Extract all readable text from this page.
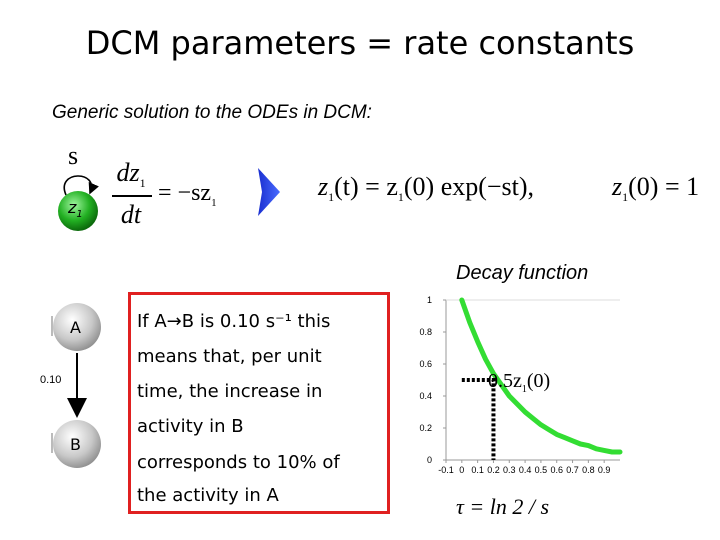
DCM parameters = rate constants
Generic solution to the ODEs in DCM:
s
$z_1$
$dz_1$
dt
= $-sz_1$
$z_1(t) = z_1(0)$ exp(−st),	$z_1(0) = 1$
A
B
0.10
If A→B is 0.10 s⁻¹ this
means that, per unit
time, the increase in
activity in B
corresponds to 10% of
the activity in A
Decay function
0
0.2
0.4
0.6
0.8
1
-0.1 0 0.1 0.2 0.3 0.4 0.5 0.6 0.7 0.8 0.9
$0.5z_1(0)$
τ = ln 2 / s
